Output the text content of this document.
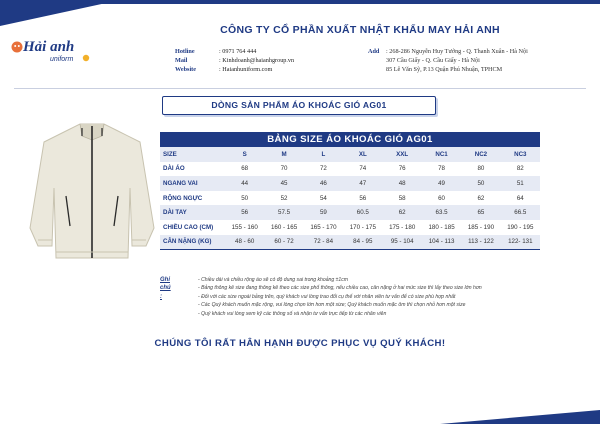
Hải anh
uniform
CÔNG TY CỔ PHẦN XUẤT NHẬT KHẨU MAY HẢI ANH
Hotline	: 0971 764 444
Mail	: Kinhdoanh@haianhgroup.vn
Website	: Haianhuniform.com
Add : 268-286 Nguyễn Huy Tưởng - Q. Thanh Xuân - Hà Nội
307 Cầu Giấy - Q. Cầu Giấy - Hà Nội
85 Lê Văn Sỹ, P.13 Quận Phú Nhuận, TPHCM
DÒNG SẢN PHẨM ÁO KHOÁC GIÓ AG01
BẢNG SIZE ÁO KHOÁC GIÓ AG01								
SIZE	S	M	L	XL	XXL	NC1	NC2	NC3
DÀI ÁO	68	70	72	74	76	78	80	82
NGANG VAI	44	45	46	47	48	49	50	51
RỘNG NGỰC	50	52	54	56	58	60	62	64
DÀI TAY	56	57.5	59	60.5	62	63.5	65	66.5
CHIỀU CAO (CM)	155 - 160	160 - 165	165 - 170	170 - 175	175 - 180	180 - 185	185 - 190	190 - 195
CÂN NẶNG (KG)	48 - 60	60 - 72	72 - 84	84 - 95	95 - 104	104 - 113	113 - 122	122- 131
Ghi chú :
- Chiều dài và chiều rộng áo sẽ có độ dung sai trong khoảng ±1cm
- Bảng thông kê size đang thông kê theo các size phổ thông, nếu chiều cao, cân nặng ở hai mức size thì lấy theo size lớn hơn
- Đối với các size ngoài bảng trên, quý khách vui lòng trao đổi cụ thể với nhân viên tư vấn để có size phù hợp nhất
- Các Quý khách muốn mặc rộng, vui lòng chọn lớn hơn một size; Quý khách muốn mặc ôm thì chọn nhỏ hơn một size
- Quý khách vui lòng xem kỹ các thông số và nhận tư vấn trực tiếp từ các nhân viên
CHÚNG TÔI RẤT HÂN HẠNH ĐƯỢC PHỤC VỤ QUÝ KHÁCH!
